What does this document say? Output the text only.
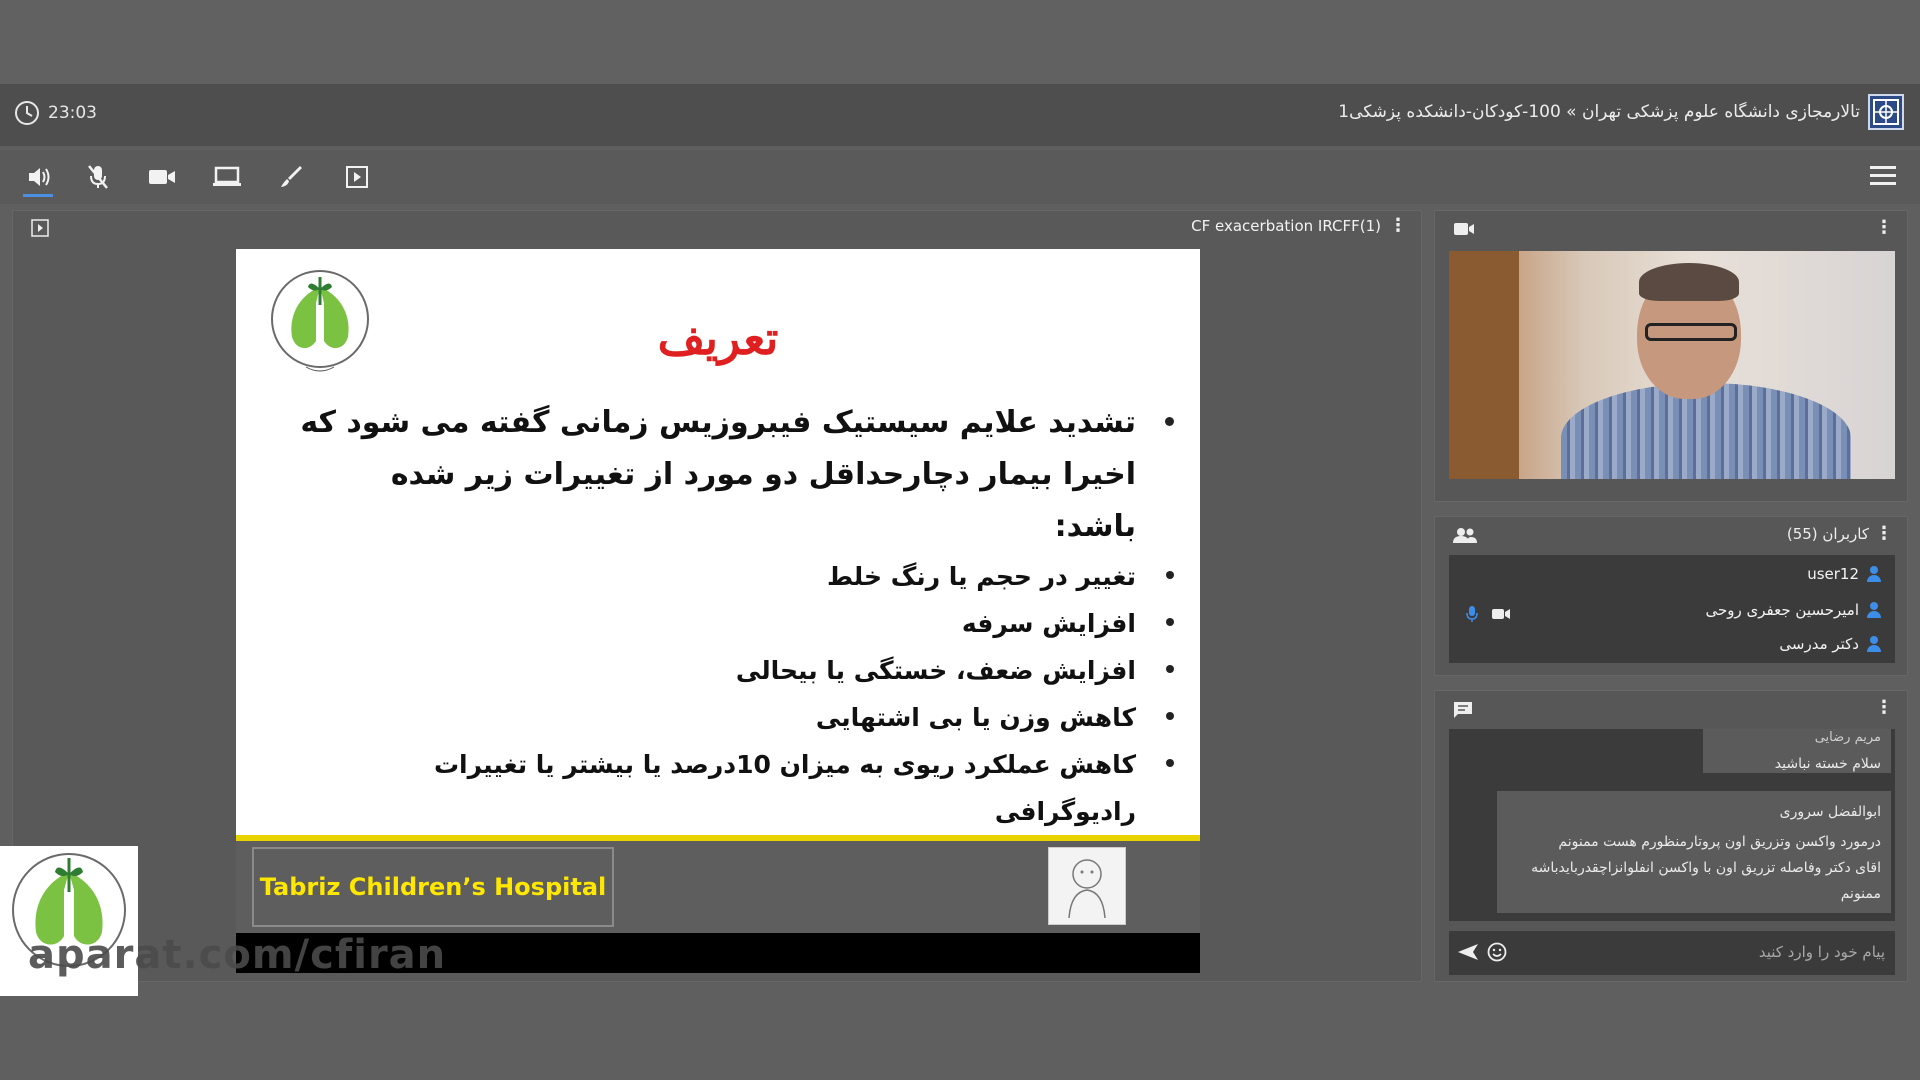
23:03	تالارمجازی دانشگاه علوم پزشکی تهران » 100-کودکان-دانشکده پزشکی1
CF exacerbation IRCFF(1) ⋮
تعریف
تشدید علایم سیستیک فیبروزیس زمانی گفته می شود که
اخیرا بیمار دچارحداقل دو مورد از تغییرات زیر شده
باشد:
تغییر در حجم یا رنگ خلط
افزایش سرفه
افزایش ضعف، خستگی یا بیحالی
کاهش وزن یا بی اشتهایی
کاهش عملکرد ریوی به میزان 10درصد یا بیشتر یا تغییرات رادیوگرافی
Tabriz Children’s Hospital
aparat.com/cfiran
⋮
کاربران (55) ⋮
user12
امیرحسین جعفری روحی
دکتر مدرسی
⋮
مریم رضایی
سلام خسته نباشید
ابوالفضل سروری
درمورد واکسن وتزریق اون پروتارمنظورم هست ممنونم
اقای دکتر وفاصله تزریق اون با واکسن انفلوانزاچقدربایدباشه
ممنونم
پیام خود را وارد کنید
